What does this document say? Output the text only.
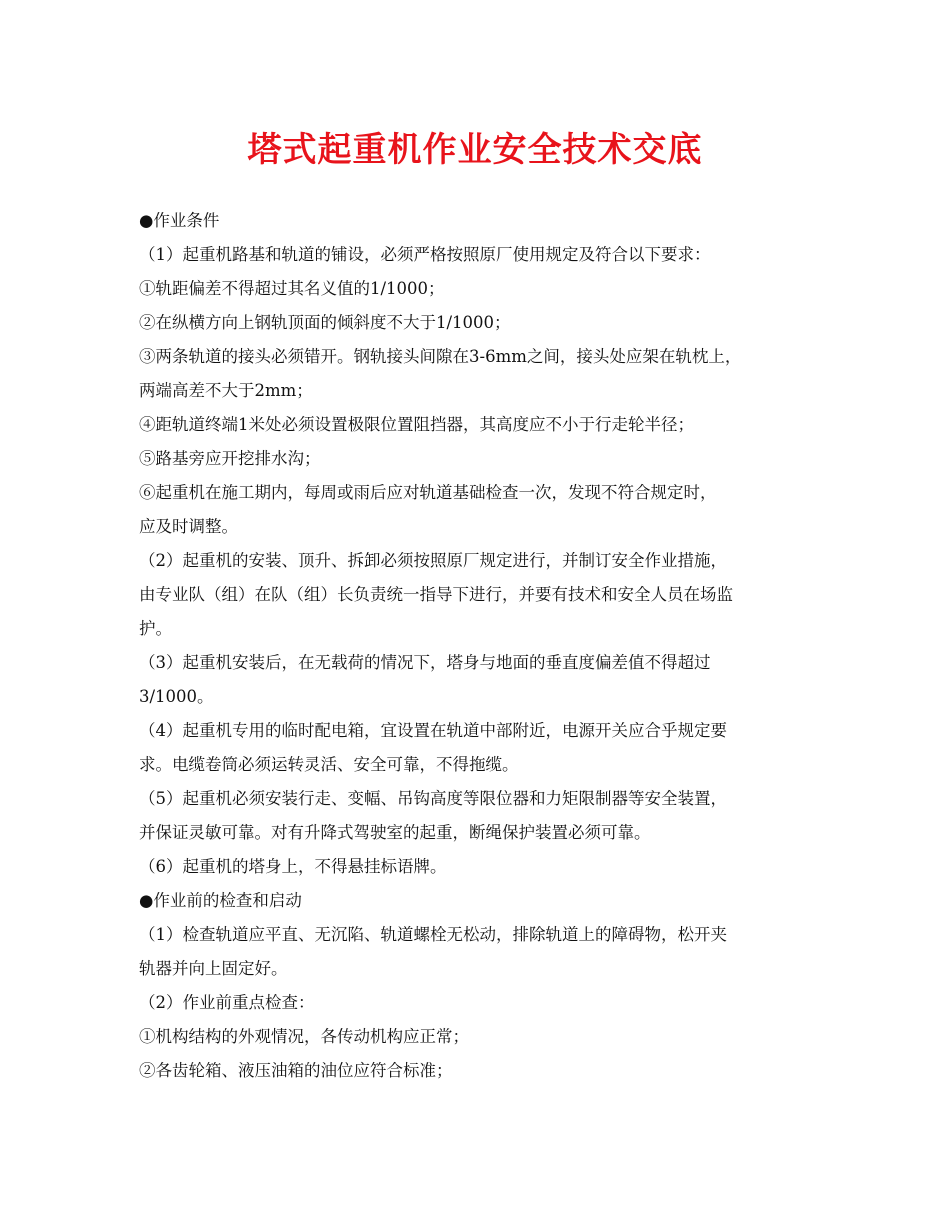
塔式起重机作业安全技术交底
●作业条件
（1）起重机路基和轨道的铺设，必须严格按照原厂使用规定及符合以下要求：
①轨距偏差不得超过其名义值的1/1000；
②在纵横方向上钢轨顶面的倾斜度不大于1/1000；
③两条轨道的接头必须错开。钢轨接头间隙在3-6mm之间，接头处应架在轨枕上，
两端高差不大于2mm；
④距轨道终端1米处必须设置极限位置阻挡器，其高度应不小于行走轮半径；
⑤路基旁应开挖排水沟；
⑥起重机在施工期内，每周或雨后应对轨道基础检查一次，发现不符合规定时，
应及时调整。
（2）起重机的安装、顶升、拆卸必须按照原厂规定进行，并制订安全作业措施，
由专业队（组）在队（组）长负责统一指导下进行，并要有技术和安全人员在场监
护。
（3）起重机安装后，在无载荷的情况下，塔身与地面的垂直度偏差值不得超过
3/1000。
（4）起重机专用的临时配电箱，宜设置在轨道中部附近，电源开关应合乎规定要
求。电缆卷筒必须运转灵活、安全可靠，不得拖缆。
（5）起重机必须安装行走、变幅、吊钩高度等限位器和力矩限制器等安全装置，
并保证灵敏可靠。对有升降式驾驶室的起重，断绳保护装置必须可靠。
（6）起重机的塔身上，不得悬挂标语牌。
●作业前的检查和启动
（1）检查轨道应平直、无沉陷、轨道螺栓无松动，排除轨道上的障碍物，松开夹
轨器并向上固定好。
（2）作业前重点检查：
①机构结构的外观情况，各传动机构应正常；
②各齿轮箱、液压油箱的油位应符合标准；
